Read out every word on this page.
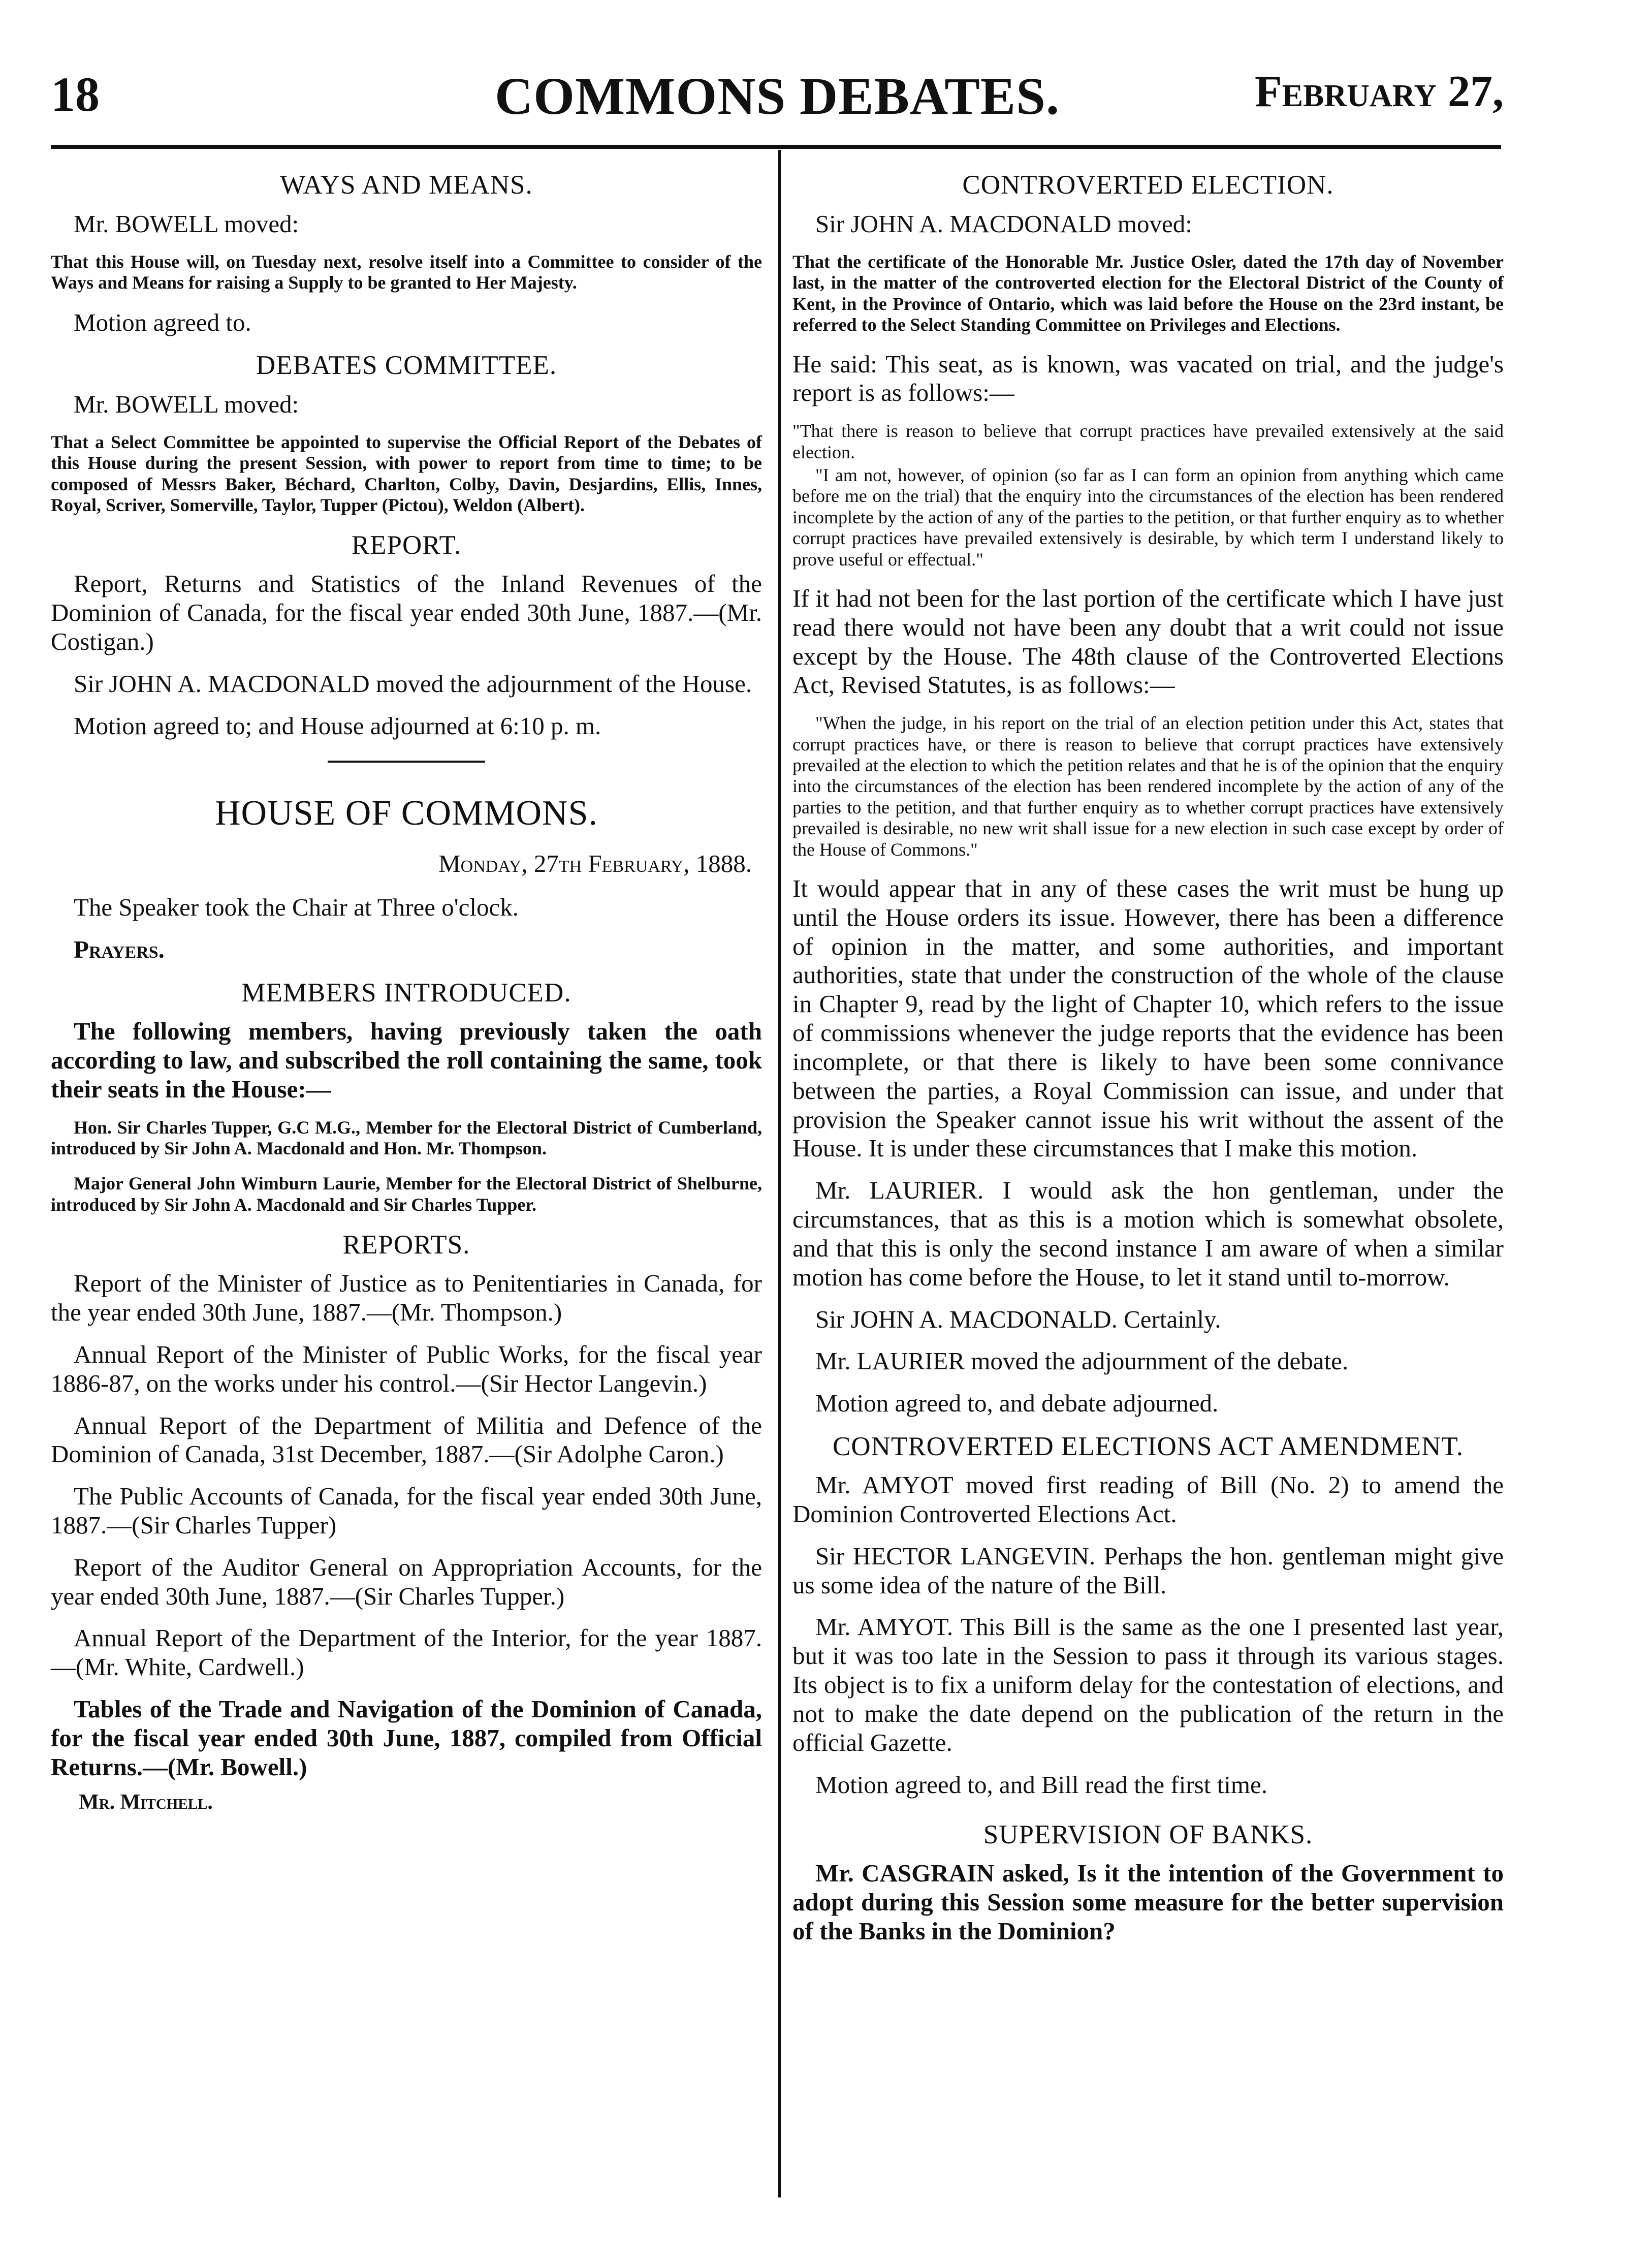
18	COMMONS DEBATES.	February 27,
WAYS AND MEANS.

Mr. BOWELL moved:

That this House will, on Tuesday next, resolve itself into a Committee to consider of the Ways and Means for raising a Supply to be granted to Her Majesty.

Motion agreed to.

DEBATES COMMITTEE.

Mr. BOWELL moved:

That a Select Committee be appointed to supervise the Official Report of the Debates of this House during the present Session, with power to report from time to time; to be composed of Messrs Baker, Béchard, Charlton, Colby, Davin, Desjardins, Ellis, Innes, Royal, Scriver, Somerville, Taylor, Tupper (Pictou), Weldon (Albert).

REPORT.

Report, Returns and Statistics of the Inland Revenues of the Dominion of Canada, for the fiscal year ended 30th June, 1887.—(Mr. Costigan.)

Sir JOHN A. MACDONALD moved the adjournment of the House.

Motion agreed to; and House adjourned at 6:10 p. m.

HOUSE OF COMMONS.
Monday, 27th February, 1888.

The Speaker took the Chair at Three o'clock.

Prayers.

MEMBERS INTRODUCED.

The following members, having previously taken the oath according to law, and subscribed the roll containing the same, took their seats in the House:—

Hon. Sir Charles Tupper, G.C M.G., Member for the Electoral District of Cumberland, introduced by Sir John A. Macdonald and Hon. Mr. Thompson.

Major General John Wimburn Laurie, Member for the Electoral District of Shelburne, introduced by Sir John A. Macdonald and Sir Charles Tupper.

REPORTS.

Report of the Minister of Justice as to Penitentiaries in Canada, for the year ended 30th June, 1887.—(Mr. Thompson.)

Annual Report of the Minister of Public Works, for the fiscal year 1886-87, on the works under his control.—(Sir Hector Langevin.)

Annual Report of the Department of Militia and Defence of the Dominion of Canada, 31st December, 1887.—(Sir Adolphe Caron.)

The Public Accounts of Canada, for the fiscal year ended 30th June, 1887.—(Sir Charles Tupper)

Report of the Auditor General on Appropriation Accounts, for the year ended 30th June, 1887.—(Sir Charles Tupper.)

Annual Report of the Department of the Interior, for the year 1887.—(Mr. White, Cardwell.)

Tables of the Trade and Navigation of the Dominion of Canada, for the fiscal year ended 30th June, 1887, compiled from Official Returns.—(Mr. Bowell.)

Mr. Mitchell.
CONTROVERTED ELECTION.

Sir JOHN A. MACDONALD moved:

That the certificate of the Honorable Mr. Justice Osler, dated the 17th day of November last, in the matter of the controverted election for the Electoral District of the County of Kent, in the Province of Ontario, which was laid before the House on the 23rd instant, be referred to the Select Standing Committee on Privileges and Elections.

He said: This seat, as is known, was vacated on trial, and the judge's report is as follows:—

"That there is reason to believe that corrupt practices have prevailed extensively at the said election.

"I am not, however, of opinion (so far as I can form an opinion from anything which came before me on the trial) that the enquiry into the circumstances of the election has been rendered incomplete by the action of any of the parties to the petition, or that further enquiry as to whether corrupt practices have prevailed extensively is desirable, by which term I understand likely to prove useful or effectual."

If it had not been for the last portion of the certificate which I have just read there would not have been any doubt that a writ could not issue except by the House. The 48th clause of the Controverted Elections Act, Revised Statutes, is as follows:—

"When the judge, in his report on the trial of an election petition under this Act, states that corrupt practices have, or there is reason to believe that corrupt practices have extensively prevailed at the election to which the petition relates and that he is of the opinion that the enquiry into the circumstances of the election has been rendered incomplete by the action of any of the parties to the petition, and that further enquiry as to whether corrupt practices have extensively prevailed is desirable, no new writ shall issue for a new election in such case except by order of the House of Commons."

It would appear that in any of these cases the writ must be hung up until the House orders its issue. However, there has been a difference of opinion in the matter, and some authorities, and important authorities, state that under the construction of the whole of the clause in Chapter 9, read by the light of Chapter 10, which refers to the issue of commissions whenever the judge reports that the evidence has been incomplete, or that there is likely to have been some connivance between the parties, a Royal Commission can issue, and under that provision the Speaker cannot issue his writ without the assent of the House. It is under these circumstances that I make this motion.

Mr. LAURIER. I would ask the hon gentleman, under the circumstances, that as this is a motion which is somewhat obsolete, and that this is only the second instance I am aware of when a similar motion has come before the House, to let it stand until to-morrow.

Sir JOHN A. MACDONALD. Certainly.

Mr. LAURIER moved the adjournment of the debate.

Motion agreed to, and debate adjourned.

CONTROVERTED ELECTIONS ACT AMENDMENT.

Mr. AMYOT moved first reading of Bill (No. 2) to amend the Dominion Controverted Elections Act.

Sir HECTOR LANGEVIN. Perhaps the hon. gentleman might give us some idea of the nature of the Bill.

Mr. AMYOT. This Bill is the same as the one I presented last year, but it was too late in the Session to pass it through its various stages. Its object is to fix a uniform delay for the contestation of elections, and not to make the date depend on the publication of the return in the official Gazette.

Motion agreed to, and Bill read the first time.

SUPERVISION OF BANKS.

Mr. CASGRAIN asked, Is it the intention of the Government to adopt during this Session some measure for the better supervision of the Banks in the Dominion?
